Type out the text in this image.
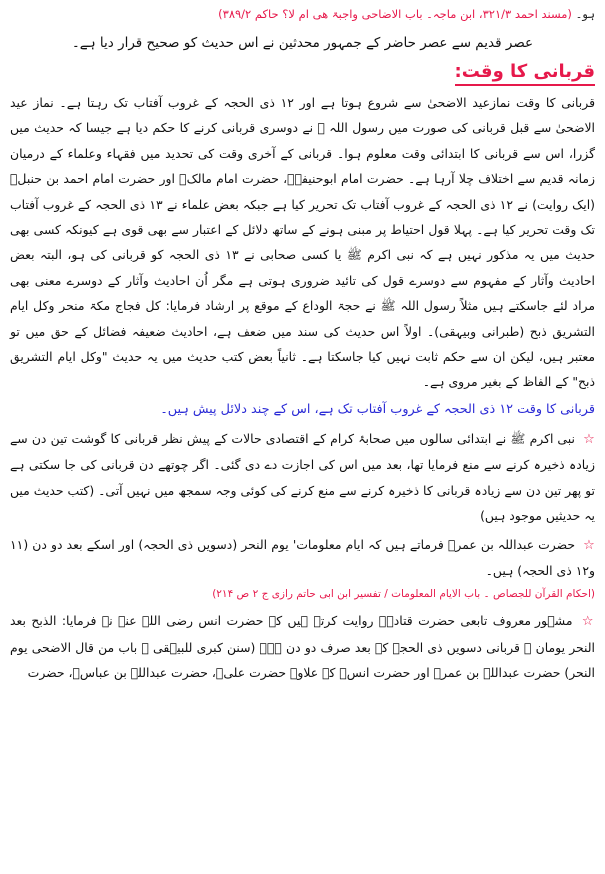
ہو۔ (مسند احمد ۳۲۱/۳، ابن ماجہ۔ باب الاضاحی واجبۃ ھی ام لا؟ حاکم ۳۸۹/۲)

عصر قدیم سے عصر حاضر کے جمہور محدثین نے اس حدیث کو صحیح قرار دیا ہے۔

قربانی کا وقت:

قربانی کا وقت نمازعید الاضحیٰ سے شروع ہوتا ہے اور ۱۲ ذی الحجہ کے غروب آفتاب تک رہتا ہے۔ نماز عید الاضحیٰ سے قبل قربانی کی صورت میں رسول اللہ ﷺ نے دوسری قربانی کرنے کا حکم دیا ہے جیسا کہ حدیث میں گزرا، اس سے قربانی کا ابتدائی وقت معلوم ہوا۔ قربانی کے آخری وقت کی تحدید میں فقہاء وعلماء کے درمیان زمانہ قدیم سے اختلاف چلا آرہا ہے۔ حضرت امام ابوحنیفہؒ، حضرت امام مالکؒ اور حضرت امام احمد بن حنبلؒ (ایک روایت) نے ۱۲ ذی الحجہ کے غروب آفتاب تک تحریر کیا ہے جبکہ بعض علماء نے ۱۳ ذی الحجہ کے غروب آفتاب تک وقت تحریر کیا ہے۔ پہلا قول احتیاط پر مبنی ہونے کے ساتھ دلائل کے اعتبار سے بھی قوی ہے کیونکہ کسی بھی حدیث میں یہ مذکور نہیں ہے کہ نبی اکرم ﷺ یا کسی صحابی نے ۱۳ ذی الحجہ کو قربانی کی ہو، البتہ بعض احادیث وآثار کے مفہوم سے دوسرے قول کی تائید ضروری ہوتی ہے مگر اُن احادیث وآثار کے دوسرے معنی بھی مراد لئے جاسکتے ہیں مثلاً رسول اللہ ﷺ نے حجۃ الوداع کے موقع پر ارشاد فرمایا: کل فجاج مکۃ منحر وکل ایام التشریق ذبح (طبرانی وبیہقی)۔ اولاً اس حدیث کی سند میں ضعف ہے، احادیث ضعیفہ فضائل کے حق میں تو معتبر ہیں، لیکن ان سے حکم ثابت نہیں کیا جاسکتا ہے۔ ثانیاً بعض کتب حدیث میں یہ حدیث "وکل ایام التشریق ذبح" کے الفاظ کے بغیر مروی ہے۔

قربانی کا وقت ۱۲ ذی الحجہ کے غروب آفتاب تک ہے، اس کے چند دلائل پیش ہیں۔

☆ نبی اکرم ﷺ نے ابتدائی سالوں میں صحابۂ کرام کے اقتصادی حالات کے پیش نظر قربانی کا گوشت تین دن سے زیادہ ذخیرہ کرنے سے منع فرمایا تھا، بعد میں اس کی اجازت دے دی گئی۔ اگر چوتھے دن قربانی کی جا سکتی ہے تو پھر تین دن سے زیادہ قربانی کا ذخیرہ کرنے سے منع کرنے کی کوئی وجہ سمجھ میں نہیں آتی۔ (کتب حدیث میں یہ حدیثیں موجود ہیں)
☆ حضرت عبداللہ بن عمرؓ فرماتے ہیں کہ ایام معلومات' یوم النحر (دسویں ذی الحجہ) اور اسکے بعد دو دن (۱۱ و۱۲ ذی الحجہ) ہیں۔
(احکام القرآن للجصاص ۔ باب الایام المعلومات / تفسیر ابن ابی حاتم رازی ج ۲ ص ۲۱۴)
☆ مشہور معروف تابعی حضرت قتادہؒ روایت کرتے ہیں کہ حضرت انس رضی اللہ عنہ نے فرمایا: الذبح بعد النحر یومان ۔ قربانی دسویں ذی الحجہ کے بعد صرف دو دن ہے۔ (سنن کبری للبیہقی ۔ باب من قال الاضحی یوم النحر) حضرت عبداللہ بن عمرؓ اور حضرت انسؓ کے علاوہ حضرت علیؓ، حضرت عبداللہ بن عباسؓ، حضرت
